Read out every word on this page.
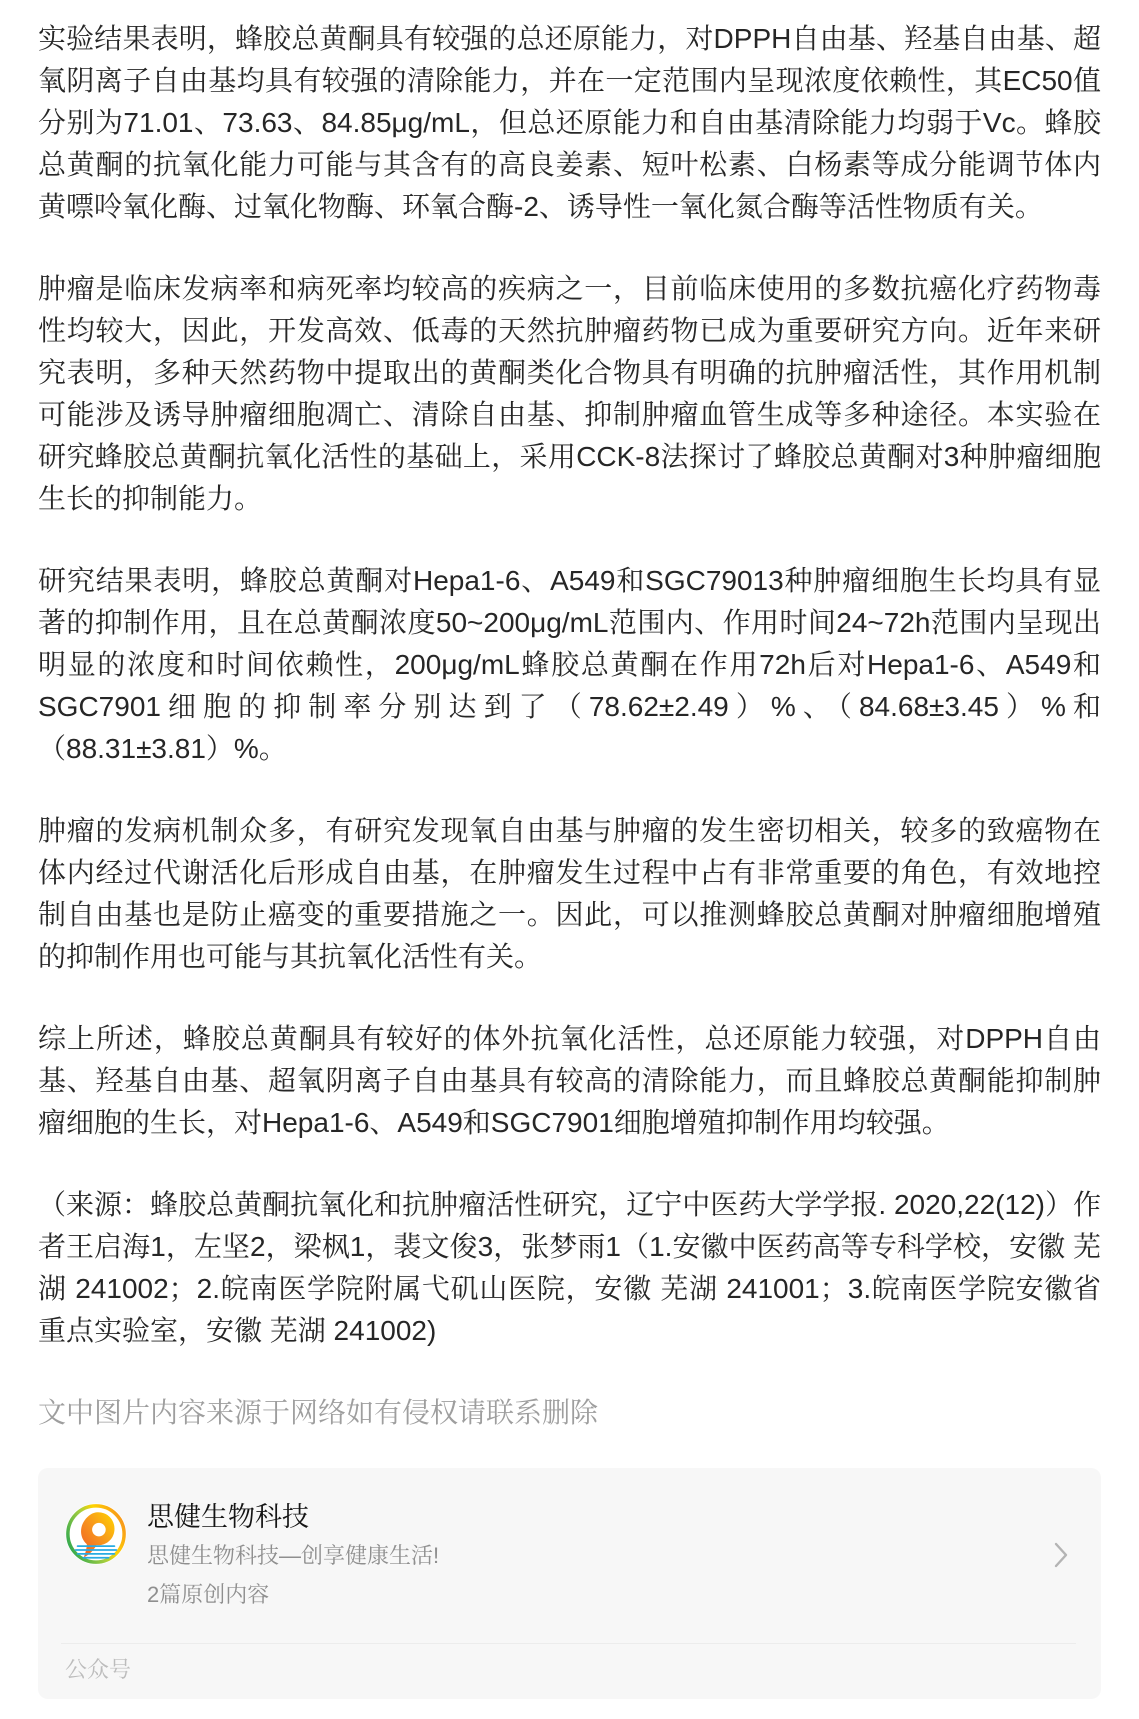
实验结果表明，蜂胶总黄酮具有较强的总还原能力，对DPPH自由基、羟基自由基、超氧阴离子自由基均具有较强的清除能力，并在一定范围内呈现浓度依赖性，其EC50值分别为71.01、73.63、84.85μg/mL，但总还原能力和自由基清除能力均弱于Vc。蜂胶总黄酮的抗氧化能力可能与其含有的高良姜素、短叶松素、白杨素等成分能调节体内黄嘌呤氧化酶、过氧化物酶、环氧合酶-2、诱导性一氧化氮合酶等活性物质有关。

肿瘤是临床发病率和病死率均较高的疾病之一，目前临床使用的多数抗癌化疗药物毒性均较大，因此，开发高效、低毒的天然抗肿瘤药物已成为重要研究方向。近年来研究表明，多种天然药物中提取出的黄酮类化合物具有明确的抗肿瘤活性，其作用机制可能涉及诱导肿瘤细胞凋亡、清除自由基、抑制肿瘤血管生成等多种途径。本实验在研究蜂胶总黄酮抗氧化活性的基础上，采用CCK-8法探讨了蜂胶总黄酮对3种肿瘤细胞生长的抑制能力。

研究结果表明，蜂胶总黄酮对Hepa1-6、A549和SGC79013种肿瘤细胞生长均具有显著的抑制作用，且在总黄酮浓度50~200μg/mL范围内、作用时间24~72h范围内呈现出明显的浓度和时间依赖性，200μg/mL蜂胶总黄酮在作用72h后对Hepa1-6、A549和SGC7901细胞的抑制率分别达到了（78.62±2.49）%、（84.68±3.45）%和（88.31±3.81）%。

肿瘤的发病机制众多，有研究发现氧自由基与肿瘤的发生密切相关，较多的致癌物在体内经过代谢活化后形成自由基，在肿瘤发生过程中占有非常重要的角色，有效地控制自由基也是防止癌变的重要措施之一。因此，可以推测蜂胶总黄酮对肿瘤细胞增殖的抑制作用也可能与其抗氧化活性有关。

综上所述，蜂胶总黄酮具有较好的体外抗氧化活性，总还原能力较强，对DPPH自由基、羟基自由基、超氧阴离子自由基具有较高的清除能力，而且蜂胶总黄酮能抑制肿瘤细胞的生长，对Hepa1-6、A549和SGC7901细胞增殖抑制作用均较强。

（来源：蜂胶总黄酮抗氧化和抗肿瘤活性研究，辽宁中医药大学学报. 2020,22(12)）作者王启海1，左坚2，梁枫1，裴文俊3，张梦雨1（1.安徽中医药高等专科学校，安徽 芜湖 241002；2.皖南医学院附属弋矶山医院，安徽 芜湖 241001；3.皖南医学院安徽省重点实验室，安徽 芜湖 241002)

文中图片内容来源于网络如有侵权请联系删除

思健生物科技
思健生物科技—创享健康生活!
2篇原创内容
公众号
